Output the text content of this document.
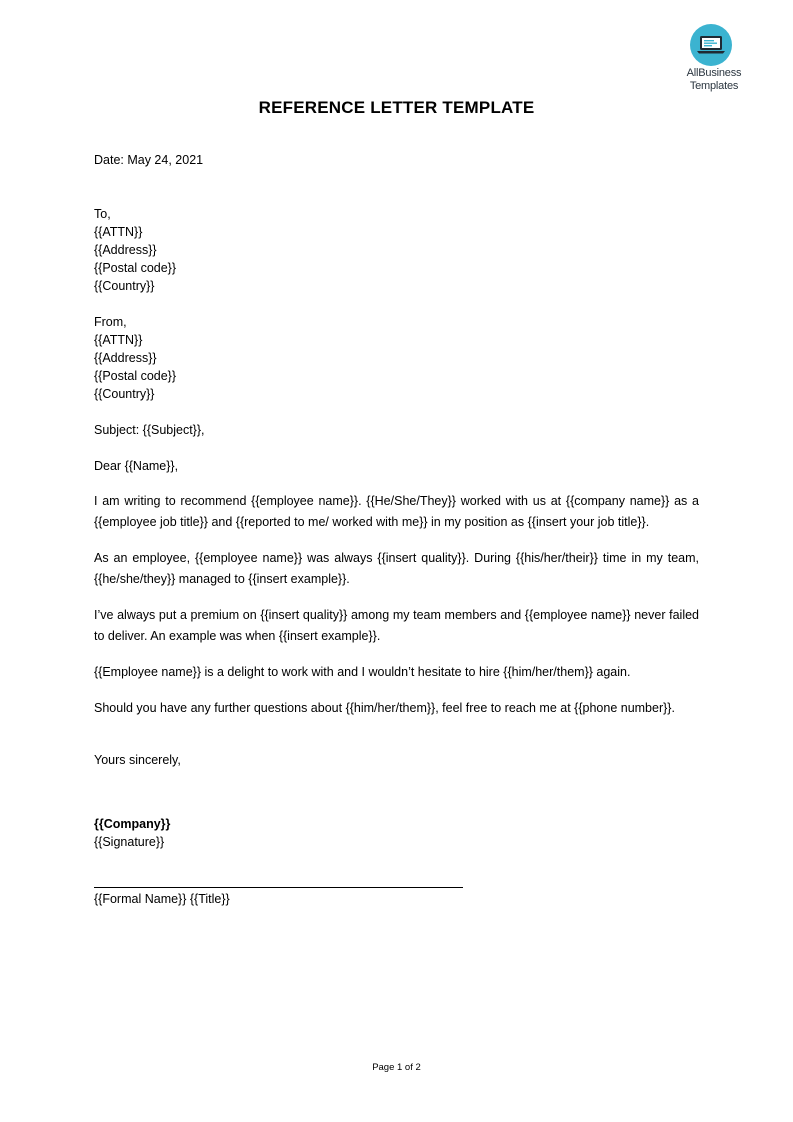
AllBusiness
Templates
REFERENCE LETTER TEMPLATE
Date: May 24, 2021
To,
{{ATTN}}
{{Address}}
{{Postal code}}
{{Country}}
From,
{{ATTN}}
{{Address}}
{{Postal code}}
{{Country}}
Subject: {{Subject}},
Dear {{Name}},
I am writing to recommend {{employee name}}. {{He/She/They}} worked with us at {{company name}} as a {{employee job title}} and {{reported to me/ worked with me}} in my position as {{insert your job title}}.
As an employee, {{employee name}} was always {{insert quality}}. During {{his/her/their}} time in my team, {{he/she/they}} managed to {{insert example}}.
I’ve always put a premium on {{insert quality}} among my team members and {{employee name}} never failed to deliver. An example was when {{insert example}}.
{{Employee name}} is a delight to work with and I wouldn’t hesitate to hire {{him/her/them}} again.
Should you have any further questions about {{him/her/them}}, feel free to reach me at {{phone number}}.
Yours sincerely,
{{Company}}
{{Signature}}
{{Formal Name}} {{Title}}
Page 1 of 2
